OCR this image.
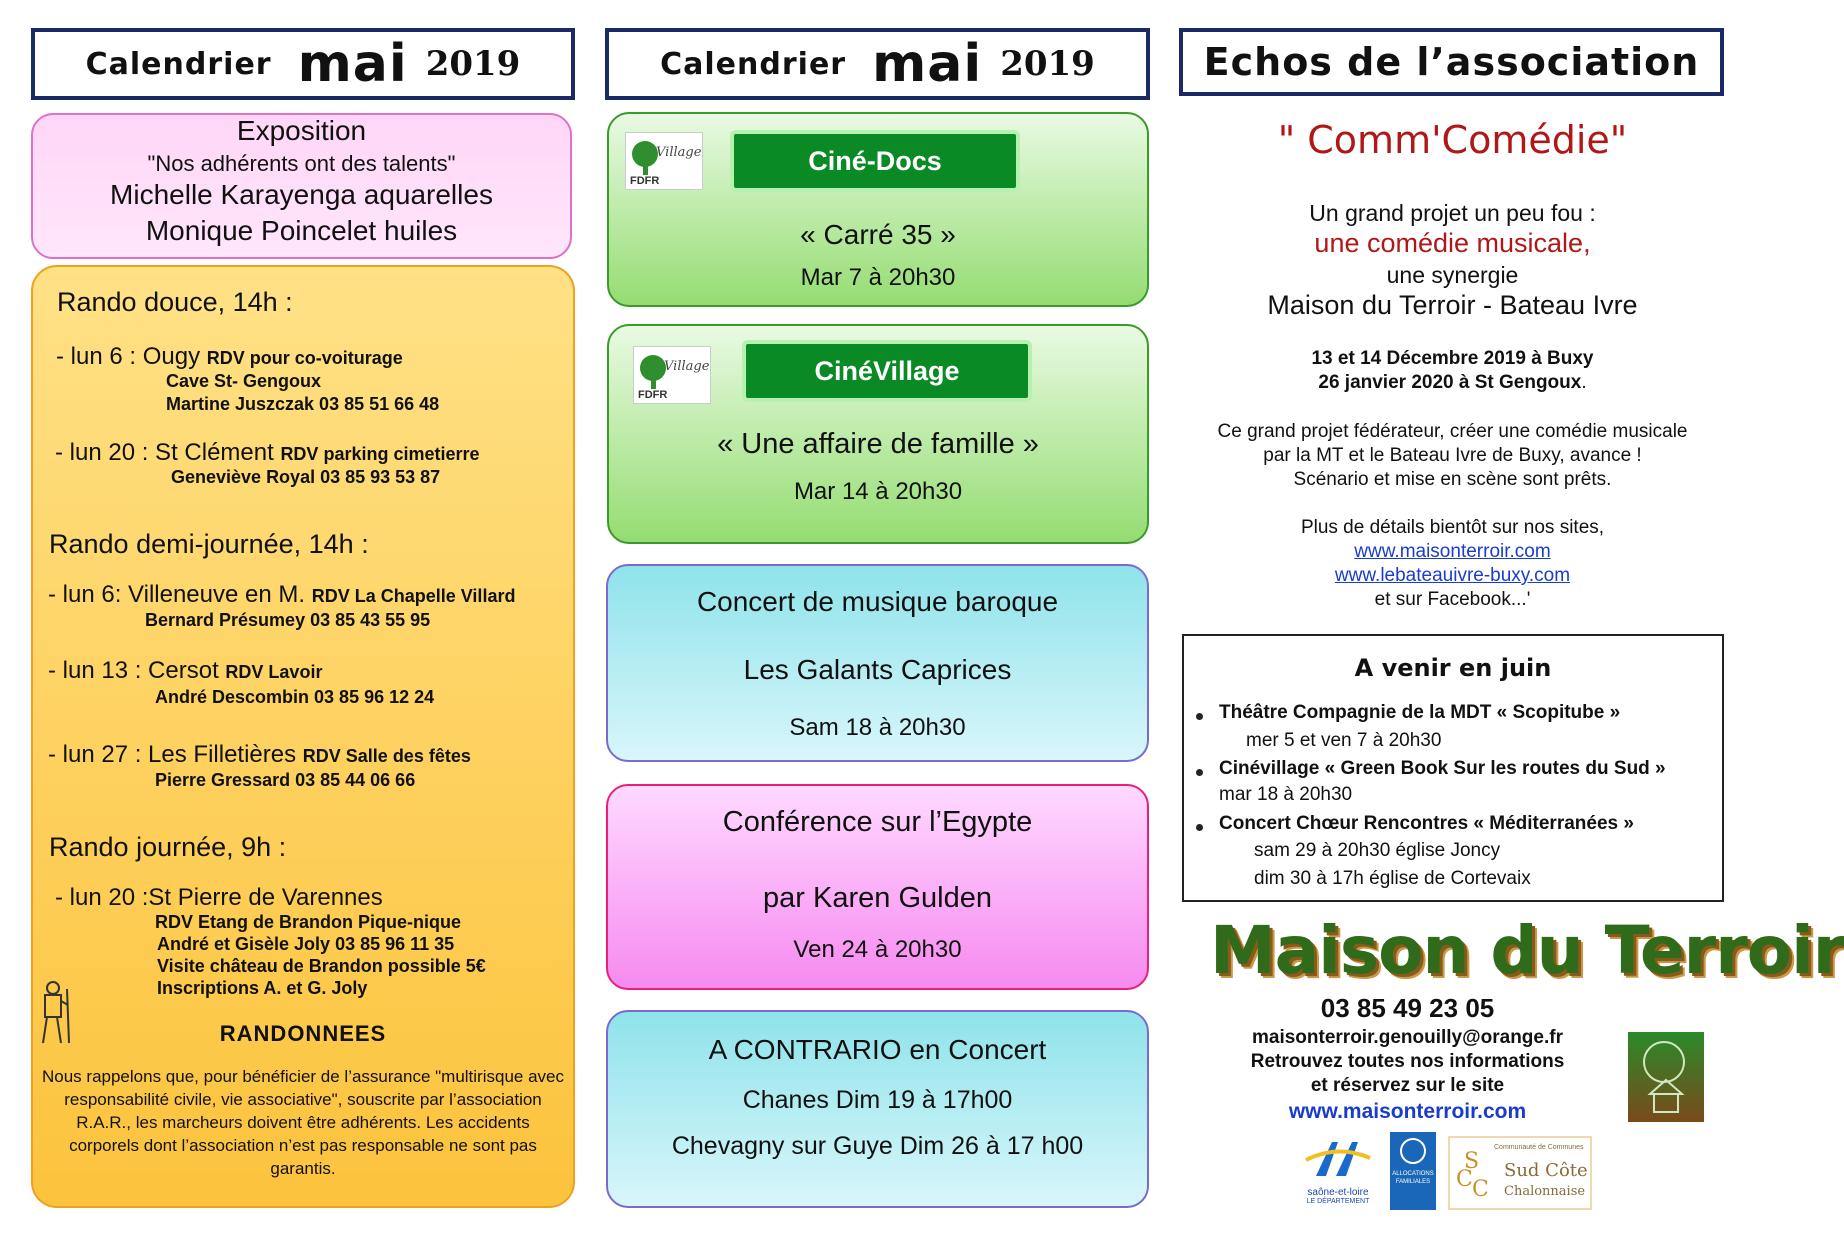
Calendrier mai 2019
Exposition
"Nos adhérents ont des talents"
Michelle Karayenga aquarelles
Monique Poincelet huiles
Rando douce, 14h :
- lun 6 : Ougy RDV pour co-voiturage
Cave St- Gengoux
Martine Juszczak 03 85 51 66 48
- lun 20 : St Clément RDV parking cimetierre
Geneviève Royal 03 85 93 53 87
Rando demi-journée, 14h :
- lun 6: Villeneuve en M. RDV La Chapelle Villard
Bernard Présumey 03 85 43 55 95
- lun 13 : Cersot RDV Lavoir
André Descombin 03 85 96 12 24
- lun 27 : Les Filletières RDV Salle des fêtes
Pierre Gressard 03 85 44 06 66
Rando journée, 9h :
- lun 20 :St Pierre de Varennes
RDV Etang de Brandon Pique-nique
André et Gisèle Joly 03 85 96 11 35
Visite château de Brandon possible 5€
Inscriptions A. et G. Joly
RANDONNEES
Nous rappelons que, pour bénéficier de l’assurance "multirisque avec
responsabilité civile, vie associative", souscrite par l’association
R.A.R., les marcheurs doivent être adhérents. Les accidents
corporels dont l’association n’est pas responsable ne sont pas
garantis.
Calendrier mai 2019
Village
FDFR
Ciné-Docs
« Carré 35 »
Mar 7 à 20h30
Village
FDFR
CinéVillage
« Une affaire de famille »
Mar 14 à 20h30
Concert de musique baroque
Les Galants Caprices
Sam 18 à 20h30
Conférence sur l’Egypte
par Karen Gulden
Ven 24 à 20h30
A CONTRARIO en Concert
Chanes Dim 19 à 17h00
Chevagny sur Guye Dim 26 à 17 h00
Echos de l’association
" Comm'Comédie"
Un grand projet un peu fou :
une comédie musicale,
une synergie
Maison du Terroir - Bateau Ivre
13 et 14 Décembre 2019 à Buxy
26 janvier 2020 à St Gengoux.
Ce grand projet fédérateur, créer une comédie musicale
par la MT et le Bateau Ivre de Buxy, avance !
Scénario et mise en scène sont prêts.
Plus de détails bientôt sur nos sites,
www.maisonterroir.com
www.lebateauivre-buxy.com
et sur Facebook...'
A venir en juin
Théâtre Compagnie de la MDT « Scopitube »
mer 5 et ven 7 à 20h30
Cinévillage « Green Book Sur les routes du Sud »
mar 18 à 20h30
Concert Chœur Rencontres « Méditerranées »
sam 29 à 20h30 église Joncy
dim 30 à 17h église de Cortevaix
Maison du Terroir
03 85 49 23 05
maisonterroir.genouilly@orange.fr
Retrouvez toutes nos informations
et réservez sur le site
www.maisonterroir.com
saône-et-loire
LE DÉPARTEMENT
ALLOCATIONS FAMILIALES
S
C C
Communauté de Communes
Sud Côte
Chalonnaise
